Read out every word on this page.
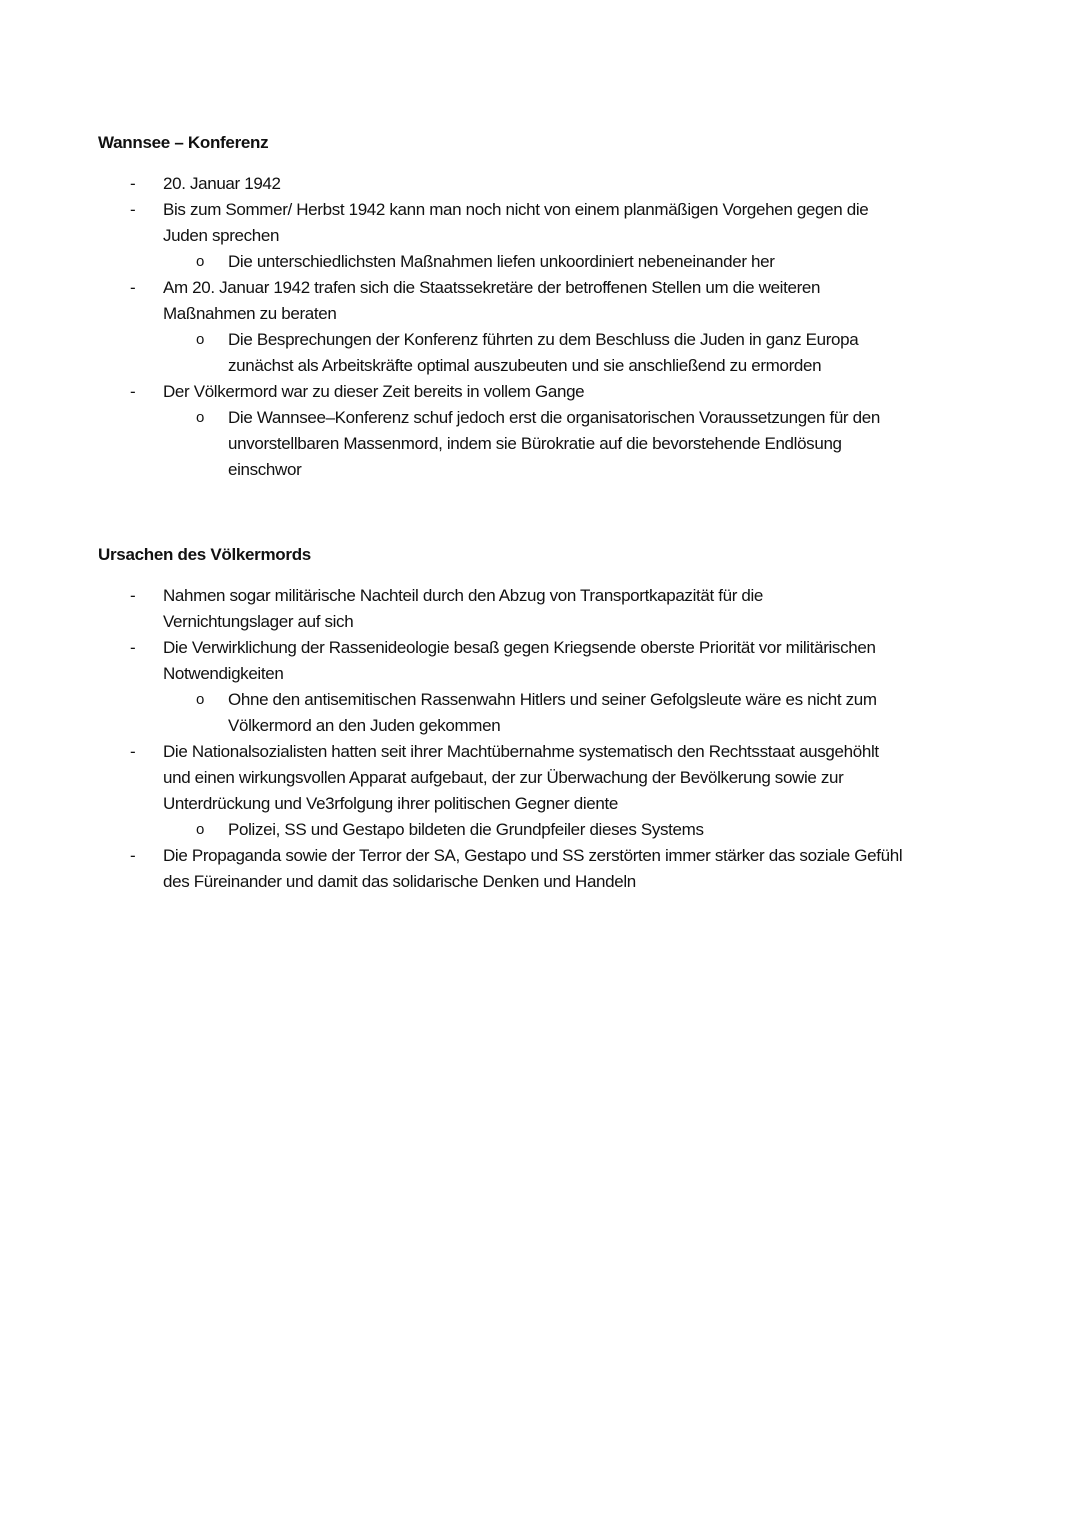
Wannsee – Konferenz
-	20. Januar 1942
-	Bis zum Sommer/ Herbst 1942 kann man noch nicht von einem planmäßigen Vorgehen gegen die
Juden sprechen
o	Die unterschiedlichsten Maßnahmen liefen unkoordiniert nebeneinander her
-	Am 20. Januar 1942 trafen sich die Staatssekretäre der betroffenen Stellen um die weiteren
Maßnahmen zu beraten
o	Die Besprechungen der Konferenz führten zu dem Beschluss die Juden in ganz Europa
zunächst als Arbeitskräfte optimal auszubeuten und sie anschließend zu ermorden
-	Der Völkermord war zu dieser Zeit bereits in vollem Gange
o	Die Wannsee–Konferenz schuf jedoch erst die organisatorischen Voraussetzungen für den
unvorstellbaren Massenmord, indem sie Bürokratie auf die bevorstehende Endlösung
einschwor
Ursachen des Völkermords
-	Nahmen sogar militärische Nachteil durch den Abzug von Transportkapazität für die
Vernichtungslager auf sich
-	Die Verwirklichung der Rassenideologie besaß gegen Kriegsende oberste Priorität vor militärischen
Notwendigkeiten
o	Ohne den antisemitischen Rassenwahn Hitlers und seiner Gefolgsleute wäre es nicht zum
Völkermord an den Juden gekommen
-	Die Nationalsozialisten hatten seit ihrer Machtübernahme systematisch den Rechtsstaat ausgehöhlt
und einen wirkungsvollen Apparat aufgebaut, der zur Überwachung der Bevölkerung sowie zur
Unterdrückung und Ve3rfolgung ihrer politischen Gegner diente
o	Polizei, SS und Gestapo bildeten die Grundpfeiler dieses Systems
-	Die Propaganda sowie der Terror der SA, Gestapo und SS zerstörten immer stärker das soziale Gefühl
des Füreinander und damit das solidarische Denken und Handeln
